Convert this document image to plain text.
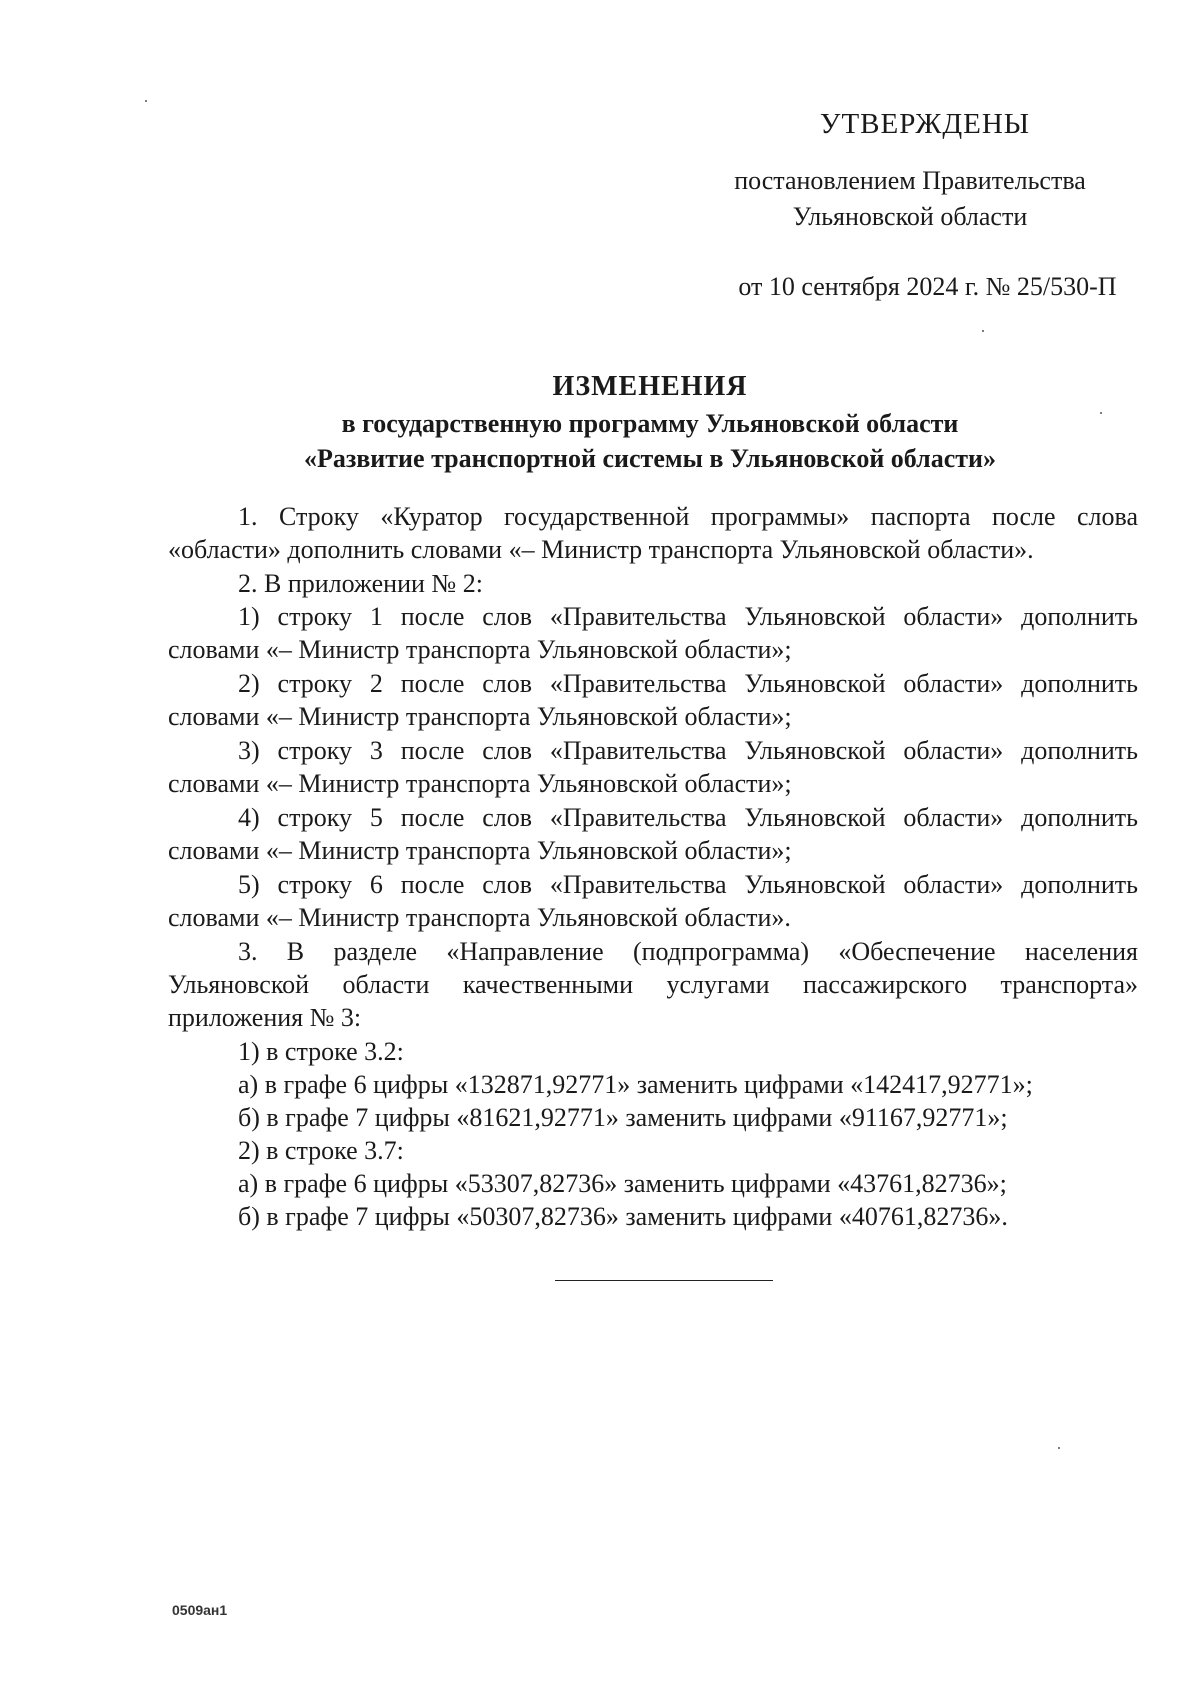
УТВЕРЖДЕНЫ
постановлением Правительства
Ульяновской области
от 10 сентября 2024 г. № 25/530-П
ИЗМЕНЕНИЯ
в государственную программу Ульяновской области
«Развитие транспортной системы в Ульяновской области»

1. Строку «Куратор государственной программы» паспорта после слова «области» дополнить словами «– Министр транспорта Ульяновской области».

2. В приложении № 2:

1) строку 1 после слов «Правительства Ульяновской области» дополнить словами «– Министр транспорта Ульяновской области»;

2) строку 2 после слов «Правительства Ульяновской области» дополнить словами «– Министр транспорта Ульяновской области»;

3) строку 3 после слов «Правительства Ульяновской области» дополнить словами «– Министр транспорта Ульяновской области»;

4) строку 5 после слов «Правительства Ульяновской области» дополнить словами «– Министр транспорта Ульяновской области»;

5) строку 6 после слов «Правительства Ульяновской области» дополнить словами «– Министр транспорта Ульяновской области».

3. В разделе «Направление (подпрограмма) «Обеспечение населения Ульяновской области качественными услугами пассажирского транспорта» приложения № 3:

1) в строке 3.2:

а) в графе 6 цифры «132871,92771» заменить цифрами «142417,92771»;

б) в графе 7 цифры «81621,92771» заменить цифрами «91167,92771»;

2) в строке 3.7:

а) в графе 6 цифры «53307,82736» заменить цифрами «43761,82736»;

б) в графе 7 цифры «50307,82736» заменить цифрами «40761,82736».

0509ан1
